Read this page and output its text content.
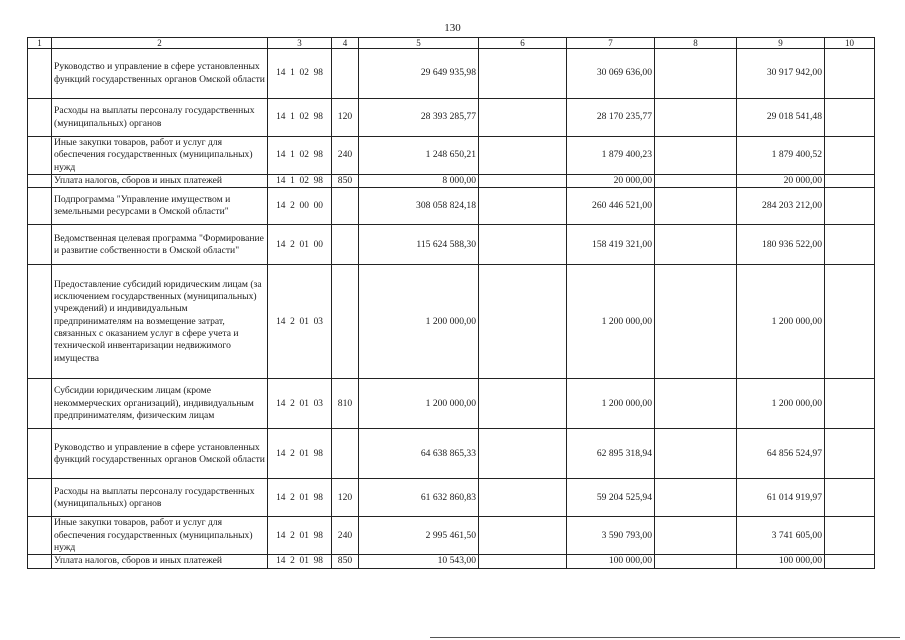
130
1	2	3	4	5	6	7	8	9	10
	Руководство и управление в сфере установленных функций государственных органов Омской области	14  1  02  98		29 649 935,98		30 069 636,00		30 917 942,00	
	Расходы на выплаты персоналу государственных (муниципальных) органов	14  1  02  98	120	28 393 285,77		28 170 235,77		29 018 541,48	
	Иные закупки товаров, работ и услуг для обеспечения государственных (муниципальных) нужд	14  1  02  98	240	1 248 650,21		1 879 400,23		1 879 400,52	
	Уплата налогов, сборов и иных платежей	14  1  02  98	850	8 000,00		20 000,00		20 000,00	
	Подпрограмма "Управление имуществом и земельными ресурсами в Омской области"	14  2  00  00		308 058 824,18		260 446 521,00		284 203 212,00	
	Ведомственная целевая программа "Формирование и развитие собственности в Омской области"	14  2  01  00		115 624 588,30		158 419 321,00		180 936 522,00	
	Предоставление субсидий юридическим лицам (за исключением государственных (муниципальных) учреждений) и индивидуальным предпринимателям на возмещение затрат, связанных с оказанием услуг в сфере учета и технической инвентаризации недвижимого имущества	14  2  01  03		1 200 000,00		1 200 000,00		1 200 000,00	
	Субсидии юридическим лицам (кроме некоммерческих организаций), индивидуальным предпринимателям, физическим лицам	14  2  01  03	810	1 200 000,00		1 200 000,00		1 200 000,00	
	Руководство и управление в сфере установленных функций государственных органов Омской области	14  2  01  98		64 638 865,33		62 895 318,94		64 856 524,97	
	Расходы на выплаты персоналу государственных (муниципальных) органов	14  2  01  98	120	61 632 860,83		59 204 525,94		61 014 919,97	
	Иные закупки товаров, работ и услуг для обеспечения государственных (муниципальных) нужд	14  2  01  98	240	2 995 461,50		3 590 793,00		3 741 605,00	
	Уплата налогов, сборов и иных платежей	14  2  01  98	850	10 543,00		100 000,00		100 000,00	
